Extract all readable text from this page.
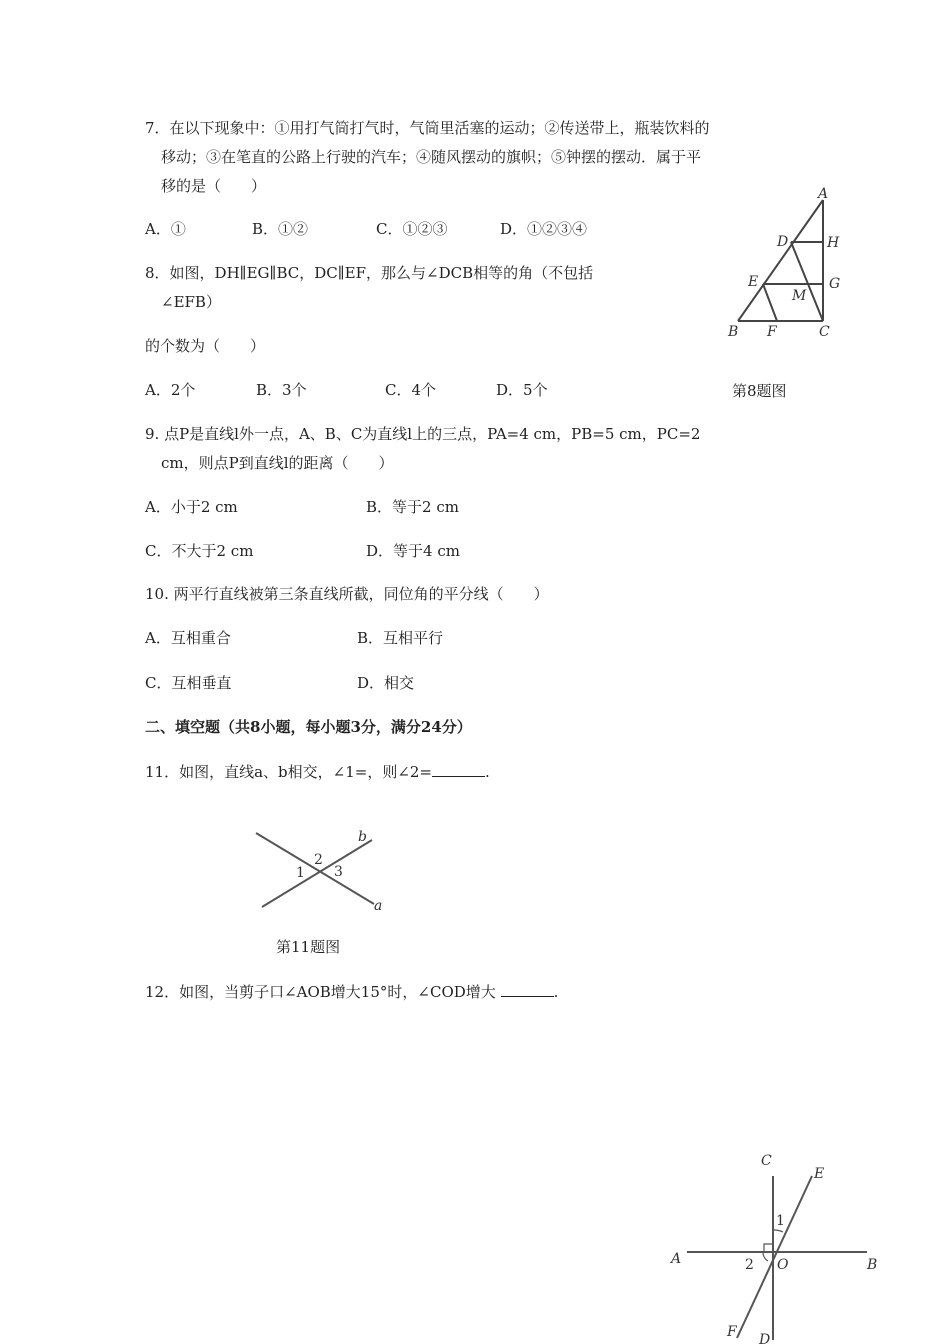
7．在以下现象中：①用打气筒打气时，气筒里活塞的运动；②传送带上，瓶装饮料的
移动；③在笔直的公路上行驶的汽车；④随风摆动的旗帜；⑤钟摆的摆动．属于平
移的是（　　）
A．①	B．①②	C．①②③	D．①②③④
8．如图，DH∥EG∥BC，DC∥EF，那么与∠DCB相等的角（不包括
∠EFB）
的个数为（　　）
A．2个	B．3个	C．4个	D．5个	第8题图
A
D	H
E	G
M
B F	C
9. 点P是直线l外一点，A、B、C为直线l上的三点，PA=4 cm，PB=5 cm，PC=2
cm，则点P到直线l的距离（　　）
A．小于2 cm	B．等于2 cm
C．不大于2 cm	D．等于4 cm
10. 两平行直线被第三条直线所截，同位角的平分线（　　）
A．互相重合	B．互相平行
C．互相垂直	D．相交
二、填空题（共8小题，每小题3分，满分24分）
11．如图，直线a、b相交，∠1=，则∠2=	.
b
2
1 3
a
第11题图
12．如图，当剪子口∠AOB增大15°时，∠COD增大	.
C
E
1
A	2 O	B
F D
